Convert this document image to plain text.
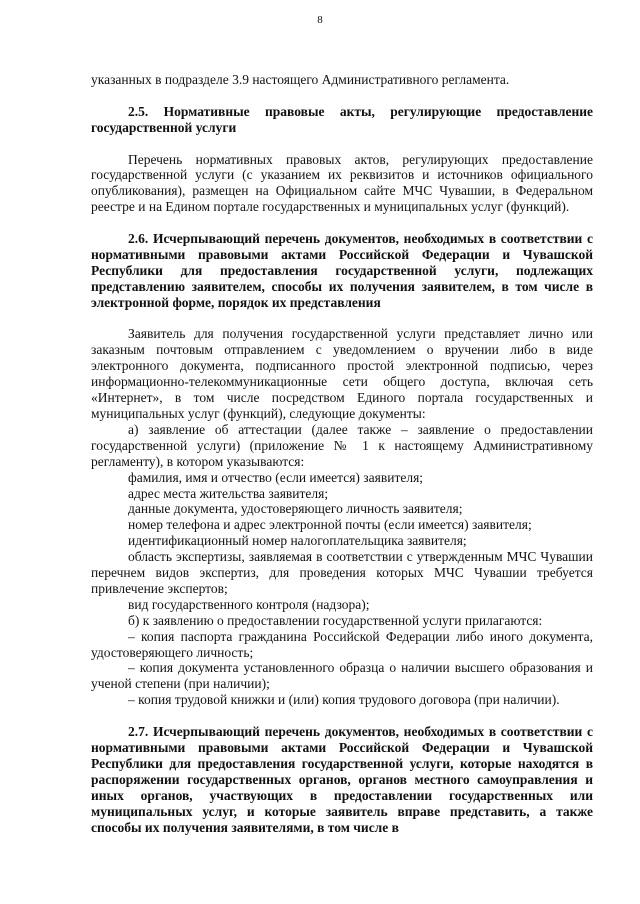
8

указанных в подразделе 3.9 настоящего Административного регламента.

2.5. Нормативные правовые акты, регулирующие предоставление государственной услуги

Перечень нормативных правовых актов, регулирующих предоставление государственной услуги (с указанием их реквизитов и источников официального опубликования), размещен на Официальном сайте МЧС Чувашии, в Федеральном реестре и на Едином портале государственных и муниципальных услуг (функций).

2.6. Исчерпывающий перечень документов, необходимых в соответствии с нормативными правовыми актами Российской Федерации и Чувашской Республики для предоставления государственной услуги, подлежащих представлению заявителем, способы их получения заявителем, в том числе в электронной форме, порядок их представления

Заявитель для получения государственной услуги представляет лично или заказным почтовым отправлением с уведомлением о вручении либо в виде электронного документа, подписанного простой электронной подписью, через информационно-телекоммуникационные сети общего доступа, включая сеть «Интернет», в том числе посредством Единого портала государственных и муниципальных услуг (функций), следующие документы:

а) заявление об аттестации (далее также – заявление о предоставлении государственной услуги) (приложение № 1 к настоящему Административному регламенту), в котором указываются:

фамилия, имя и отчество (если имеется) заявителя;

адрес места жительства заявителя;

данные документа, удостоверяющего личность заявителя;

номер телефона и адрес электронной почты (если имеется) заявителя;

идентификационный номер налогоплательщика заявителя;

область экспертизы, заявляемая в соответствии с утвержденным МЧС Чувашии перечнем видов экспертиз, для проведения которых МЧС Чувашии требуется привлечение экспертов;

вид государственного контроля (надзора);

б) к заявлению о предоставлении государственной услуги прилагаются:

– копия паспорта гражданина Российской Федерации либо иного документа, удостоверяющего личность;

– копия документа установленного образца о наличии высшего образования и ученой степени (при наличии);

– копия трудовой книжки и (или) копия трудового договора (при наличии).

2.7. Исчерпывающий перечень документов, необходимых в соответствии с нормативными правовыми актами Российской Федерации и Чувашской Республики для предоставления государственной услуги, которые находятся в распоряжении государственных органов, органов местного самоуправления и иных органов, участвующих в предоставлении государственных или муниципальных услуг, и которые заявитель вправе представить, а также способы их получения заявителями, в том числе в
